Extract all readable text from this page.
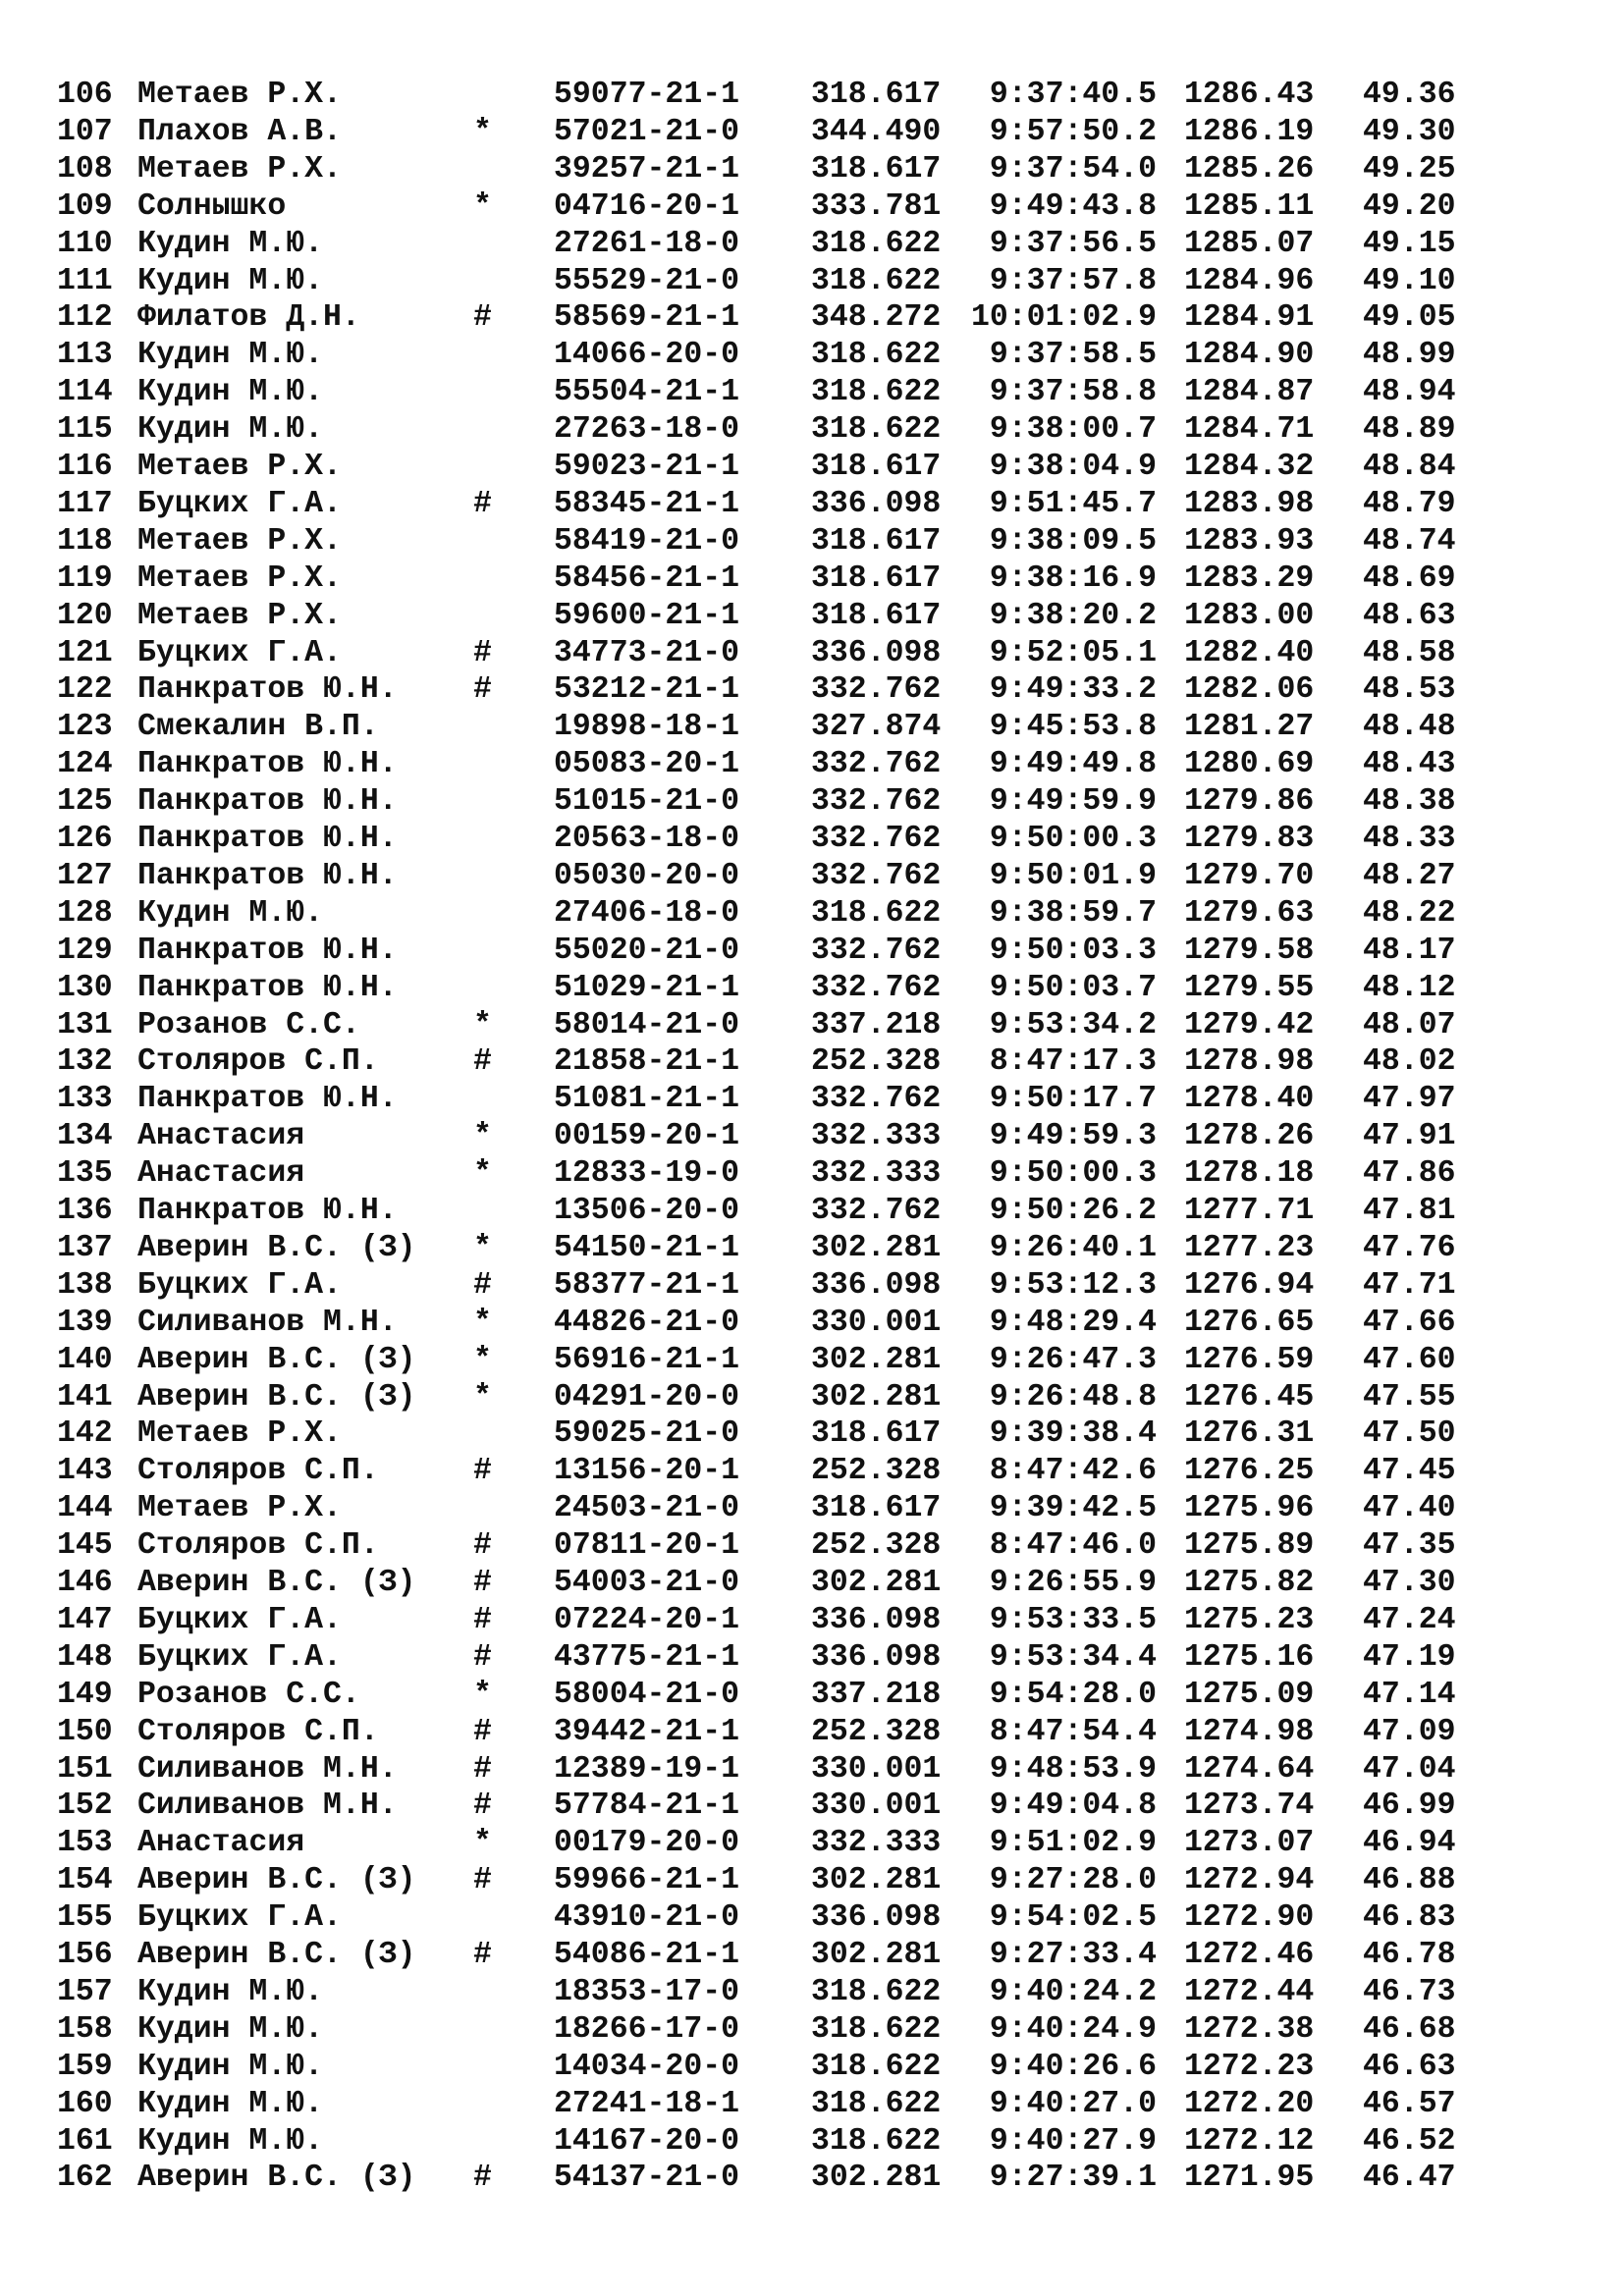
106 Метаев Р.Х.	59077-21-1 318.617 9:37:40.5 1286.43 49.36
107 Плахов А.В.	* 57021-21-0 344.490 9:57:50.2 1286.19 49.30
108 Метаев Р.Х.	39257-21-1 318.617 9:37:54.0 1285.26 49.25
109 Солнышко	* 04716-20-1 333.781 9:49:43.8 1285.11 49.20
110 Кудин М.Ю.	27261-18-0 318.622 9:37:56.5 1285.07 49.15
111 Кудин М.Ю.	55529-21-0 318.622 9:37:57.8 1284.96 49.10
112 Филатов Д.Н.	# 58569-21-1 348.272 10:01:02.9 1284.91 49.05
113 Кудин М.Ю.	14066-20-0 318.622 9:37:58.5 1284.90 48.99
114 Кудин М.Ю.	55504-21-1 318.622 9:37:58.8 1284.87 48.94
115 Кудин М.Ю.	27263-18-0 318.622 9:38:00.7 1284.71 48.89
116 Метаев Р.Х.	59023-21-1 318.617 9:38:04.9 1284.32 48.84
117 Буцких Г.А.	# 58345-21-1 336.098 9:51:45.7 1283.98 48.79
118 Метаев Р.Х.	58419-21-0 318.617 9:38:09.5 1283.93 48.74
119 Метаев Р.Х.	58456-21-1 318.617 9:38:16.9 1283.29 48.69
120 Метаев Р.Х.	59600-21-1 318.617 9:38:20.2 1283.00 48.63
121 Буцких Г.А.	# 34773-21-0 336.098 9:52:05.1 1282.40 48.58
122 Панкратов Ю.Н. # 53212-21-1 332.762 9:49:33.2 1282.06 48.53
123 Смекалин В.П.	19898-18-1 327.874 9:45:53.8 1281.27 48.48
124 Панкратов Ю.Н.	05083-20-1 332.762 9:49:49.8 1280.69 48.43
125 Панкратов Ю.Н.	51015-21-0 332.762 9:49:59.9 1279.86 48.38
126 Панкратов Ю.Н.	20563-18-0 332.762 9:50:00.3 1279.83 48.33
127 Панкратов Ю.Н.	05030-20-0 332.762 9:50:01.9 1279.70 48.27
128 Кудин М.Ю.	27406-18-0 318.622 9:38:59.7 1279.63 48.22
129 Панкратов Ю.Н.	55020-21-0 332.762 9:50:03.3 1279.58 48.17
130 Панкратов Ю.Н.	51029-21-1 332.762 9:50:03.7 1279.55 48.12
131 Розанов С.С.	* 58014-21-0 337.218 9:53:34.2 1279.42 48.07
132 Столяров С.П.	# 21858-21-1 252.328 8:47:17.3 1278.98 48.02
133 Панкратов Ю.Н.	51081-21-1 332.762 9:50:17.7 1278.40 47.97
134 Анастасия	* 00159-20-1 332.333 9:49:59.3 1278.26 47.91
135 Анастасия	* 12833-19-0 332.333 9:50:00.3 1278.18 47.86
136 Панкратов Ю.Н.	13506-20-0 332.762 9:50:26.2 1277.71 47.81
137 Аверин В.С. (З) * 54150-21-1 302.281 9:26:40.1 1277.23 47.76
138 Буцких Г.А.	# 58377-21-1 336.098 9:53:12.3 1276.94 47.71
139 Силиванов М.Н. * 44826-21-0 330.001 9:48:29.4 1276.65 47.66
140 Аверин В.С. (З) * 56916-21-1 302.281 9:26:47.3 1276.59 47.60
141 Аверин В.С. (З) * 04291-20-0 302.281 9:26:48.8 1276.45 47.55
142 Метаев Р.Х.	59025-21-0 318.617 9:39:38.4 1276.31 47.50
143 Столяров С.П.	# 13156-20-1 252.328 8:47:42.6 1276.25 47.45
144 Метаев Р.Х.	24503-21-0 318.617 9:39:42.5 1275.96 47.40
145 Столяров С.П.	# 07811-20-1 252.328 8:47:46.0 1275.89 47.35
146 Аверин В.С. (З) # 54003-21-0 302.281 9:26:55.9 1275.82 47.30
147 Буцких Г.А.	# 07224-20-1 336.098 9:53:33.5 1275.23 47.24
148 Буцких Г.А.	# 43775-21-1 336.098 9:53:34.4 1275.16 47.19
149 Розанов С.С.	* 58004-21-0 337.218 9:54:28.0 1275.09 47.14
150 Столяров С.П.	# 39442-21-1 252.328 8:47:54.4 1274.98 47.09
151 Силиванов М.Н. # 12389-19-1 330.001 9:48:53.9 1274.64 47.04
152 Силиванов М.Н. # 57784-21-1 330.001 9:49:04.8 1273.74 46.99
153 Анастасия	* 00179-20-0 332.333 9:51:02.9 1273.07 46.94
154 Аверин В.С. (З) # 59966-21-1 302.281 9:27:28.0 1272.94 46.88
155 Буцких Г.А.	43910-21-0 336.098 9:54:02.5 1272.90 46.83
156 Аверин В.С. (З) # 54086-21-1 302.281 9:27:33.4 1272.46 46.78
157 Кудин М.Ю.	18353-17-0 318.622 9:40:24.2 1272.44 46.73
158 Кудин М.Ю.	18266-17-0 318.622 9:40:24.9 1272.38 46.68
159 Кудин М.Ю.	14034-20-0 318.622 9:40:26.6 1272.23 46.63
160 Кудин М.Ю.	27241-18-1 318.622 9:40:27.0 1272.20 46.57
161 Кудин М.Ю.	14167-20-0 318.622 9:40:27.9 1272.12 46.52
162 Аверин В.С. (З) # 54137-21-0 302.281 9:27:39.1 1271.95 46.47
